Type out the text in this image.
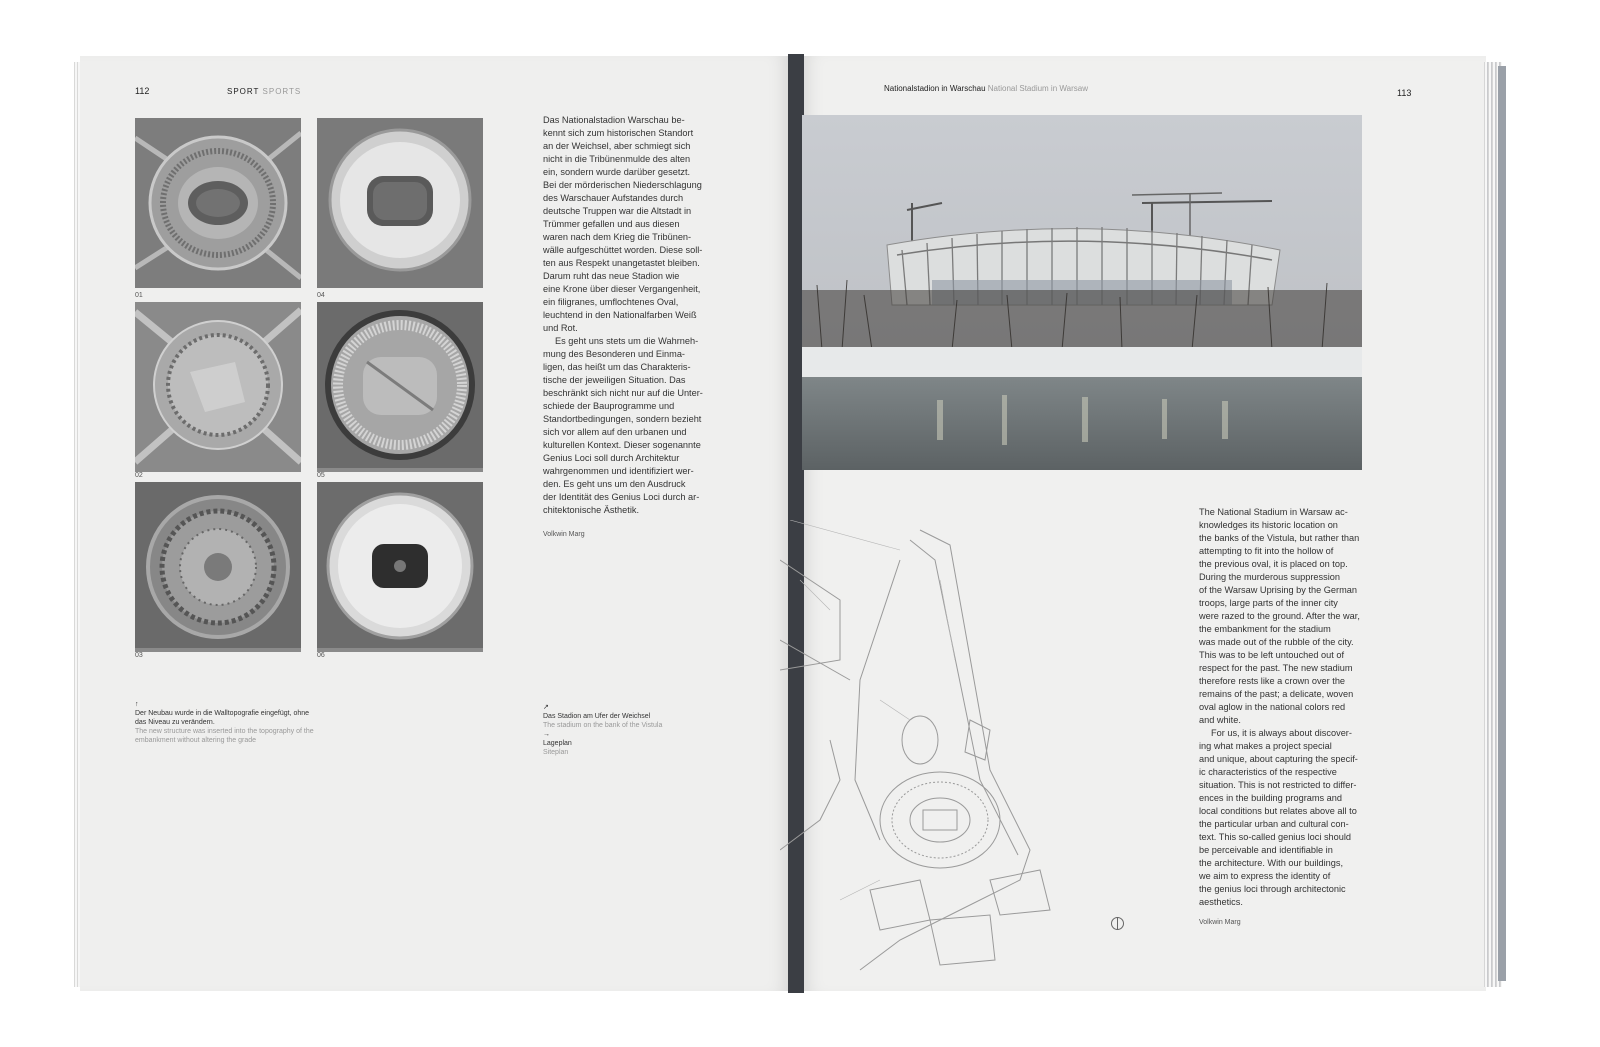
112	SPORT SPORTS
01
02
03
04
05
06

Das Nationalstadion Warschau be-
kennt sich zum historischen Standort
an der Weichsel, aber schmiegt sich
nicht in die Tribünenmulde des alten
ein, sondern wurde darüber gesetzt.
Bei der mörderischen Niederschlagung
des Warschauer Aufstandes durch
deutsche Truppen war die Altstadt in
Trümmer gefallen und aus diesen
waren nach dem Krieg die Tribünen-
wälle aufgeschüttet worden. Diese soll-
ten aus Respekt unangetastet bleiben.
Darum ruht das neue Stadion wie
eine Krone über dieser Vergangenheit,
ein filigranes, umflochtenes Oval,
leuchtend in den Nationalfarben Weiß
und Rot.

Es geht uns stets um die Wahrneh-
mung des Besonderen und Einma-
ligen, das heißt um das Charakteris-
tische der jeweiligen Situation. Das
beschränkt sich nicht nur auf die Unter-
schiede der Bauprogramme und
Standortbedingungen, sondern bezieht
sich vor allem auf den urbanen und
kulturellen Kontext. Dieser sogenannte
Genius Loci soll durch Architektur
wahrgenommen und identifiziert wer-
den. Es geht uns um den Ausdruck
der Identität des Genius Loci durch ar-
chitektonische Ästhetik.

Volkwin Marg
↑
Der Neubau wurde in die Walltopografie eingefügt, ohne das Niveau zu verändern.
The new structure was inserted into the topography of the embankment without altering the grade
↗
Das Stadion am Ufer der Weichsel
The stadium on the bank of the Vistula
→
Lageplan
Siteplan
Nationalstadion in Warschau National Stadium in Warsaw	113

The National Stadium in Warsaw ac-
knowledges its historic location on
the banks of the Vistula, but rather than
attempting to fit into the hollow of
the previous oval, it is placed on top.
During the murderous suppression
of the Warsaw Uprising by the German
troops, large parts of the inner city
were razed to the ground. After the war,
the embankment for the stadium
was made out of the rubble of the city.
This was to be left untouched out of
respect for the past. The new stadium
therefore rests like a crown over the
remains of the past; a delicate, woven
oval aglow in the national colors red
and white.

For us, it is always about discover-
ing what makes a project special
and unique, about capturing the specif-
ic characteristics of the respective
situation. This is not restricted to differ-
ences in the building programs and
local conditions but relates above all to
the particular urban and cultural con-
text. This so-called genius loci should
be perceivable and identifiable in
the architecture. With our buildings,
we aim to express the identity of
the genius loci through architectonic
aesthetics.

Volkwin Marg
